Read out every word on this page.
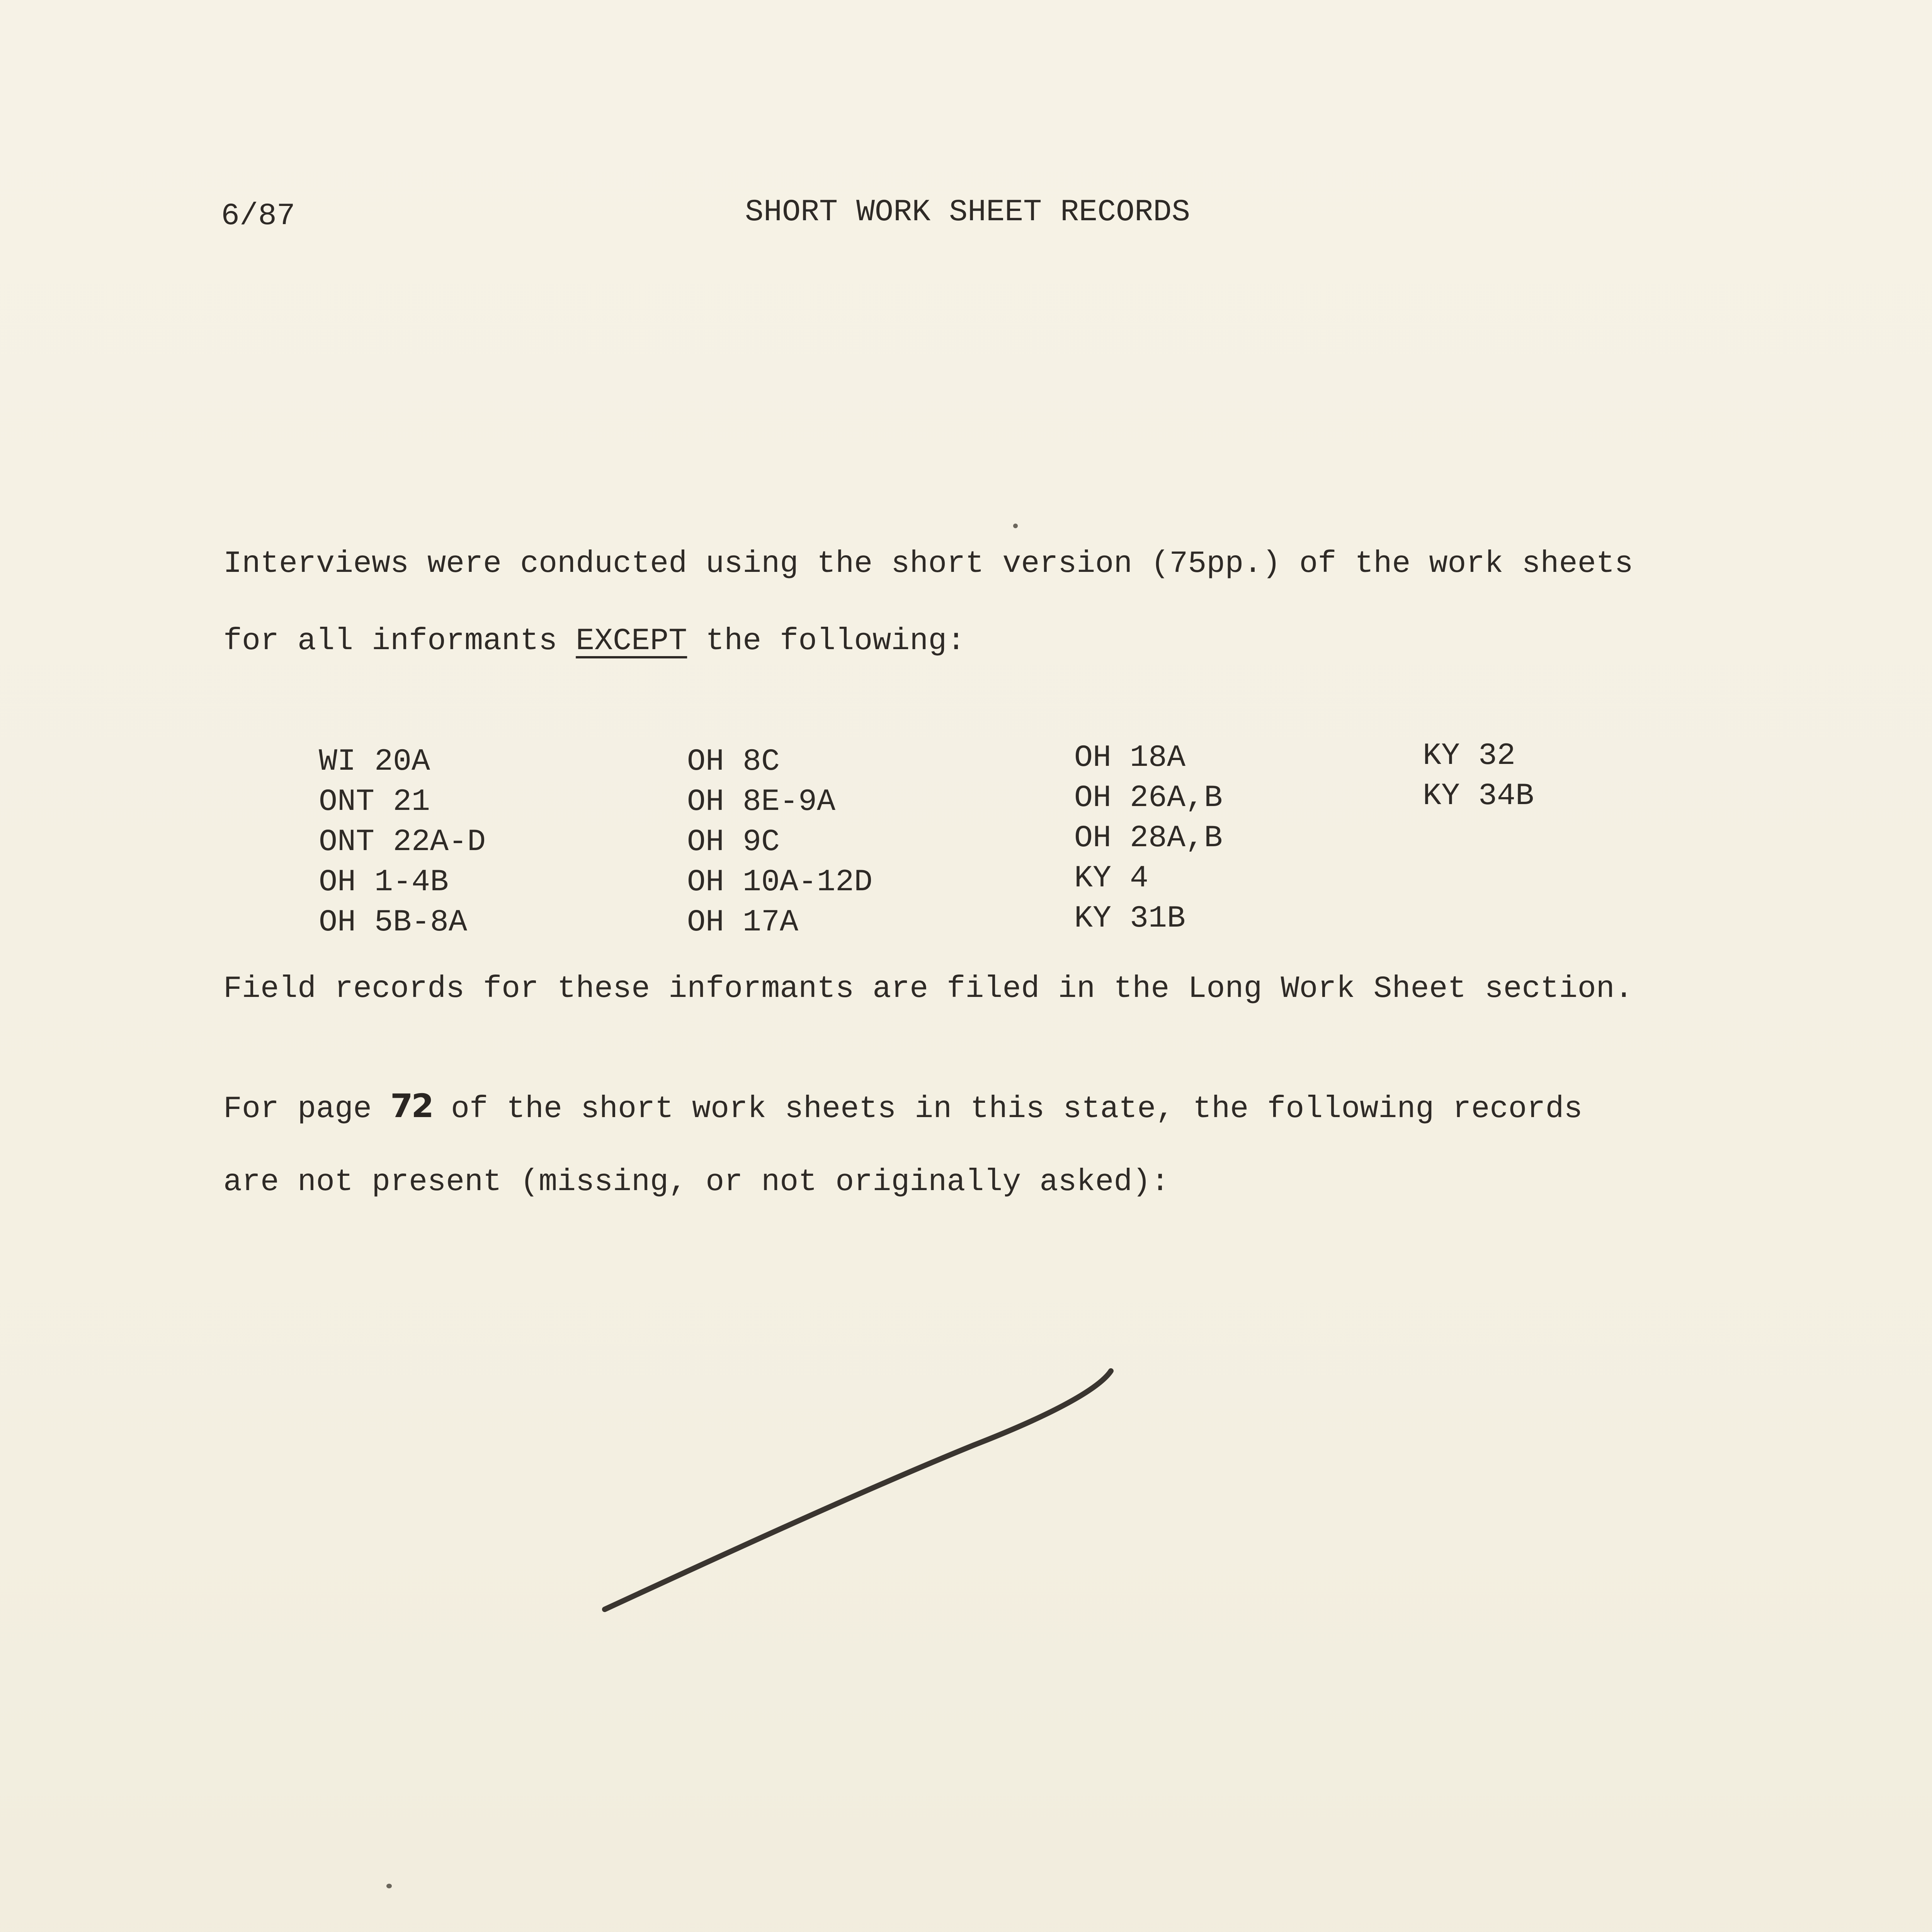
6/87	SHORT WORK SHEET RECORDS
Interviews were conducted using the short version (75pp.) of the work sheets
for all informants EXCEPT the following:
WI 20A
ONT 21
ONT 22A-D
OH 1-4B
OH 5B-8A
OH 8C
OH 8E-9A
OH 9C
OH 10A-12D
OH 17A
OH 18A
OH 26A,B
OH 28A,B
KY 4
KY 31B
KY 32
KY 34B
Field records for these informants are filed in the Long Work Sheet section.
For page 72 of the short work sheets in this state, the following records
are not present (missing, or not originally asked):
